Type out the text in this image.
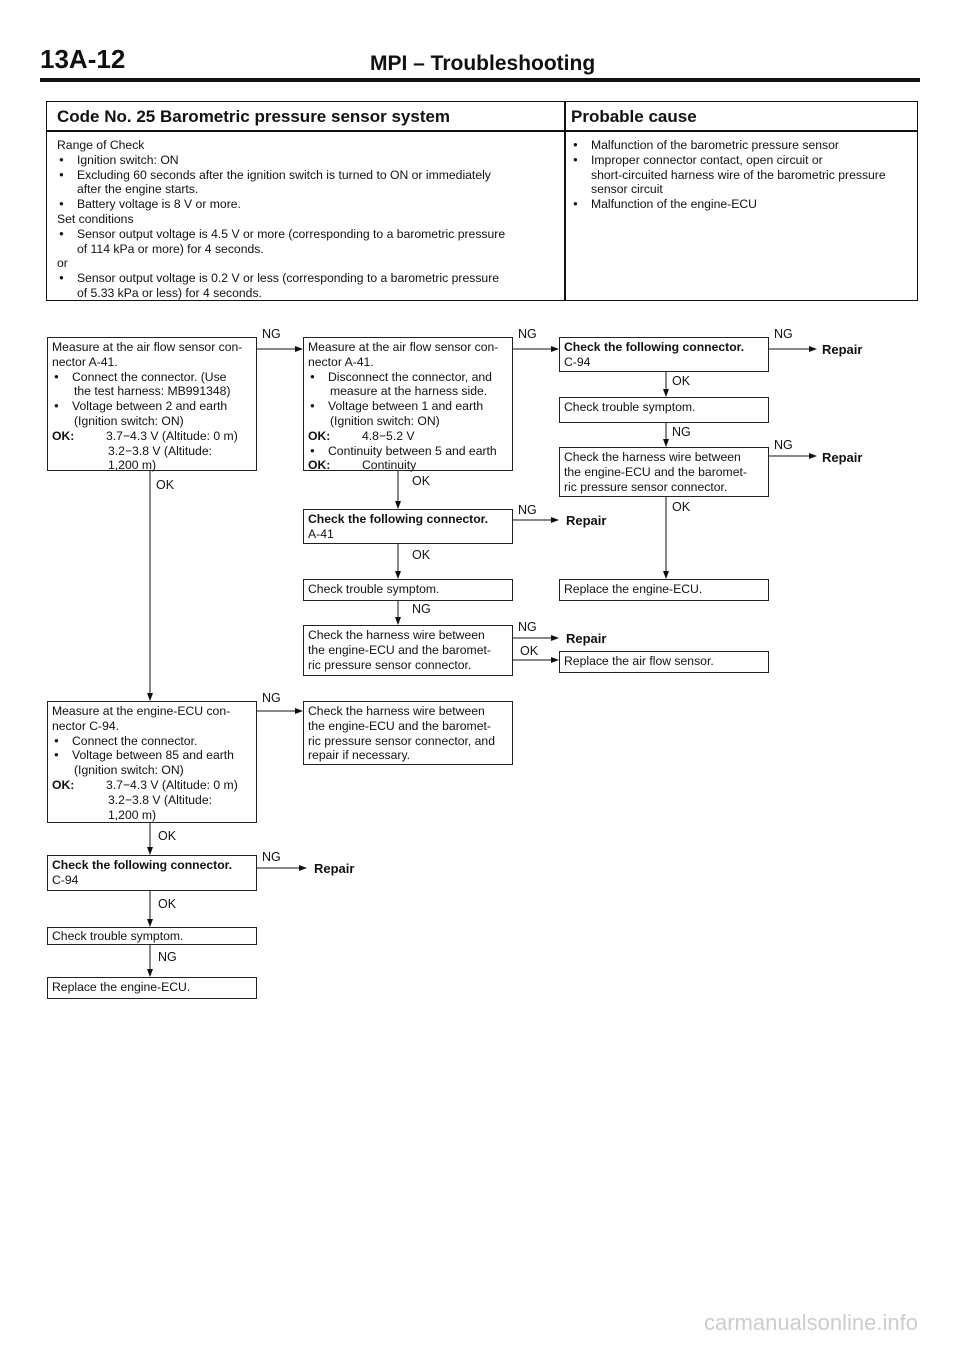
13A-12	MPI – Troubleshooting
Code No. 25 Barometric pressure sensor system	Probable cause
Range of Check
● Ignition switch: ON
● Excluding 60 seconds after the ignition switch is turned to ON or immediately
after the engine starts.
● Battery voltage is 8 V or more.
Set conditions
● Sensor output voltage is 4.5 V or more (corresponding to a barometric pressure
of 114 kPa or more) for 4 seconds.
or
● Sensor output voltage is 0.2 V or less (corresponding to a barometric pressure
of 5.33 kPa or less) for 4 seconds.
● Malfunction of the barometric pressure sensor
● Improper connector contact, open circuit or
short-circuited harness wire of the barometric pressure
sensor circuit
● Malfunction of the engine-ECU
Measure at the air flow sensor con-
nector A-41.
● Connect the connector. (Use
the test harness: MB991348)
● Voltage between 2 and earth
(Ignition switch: ON)
OK:	3.7−4.3 V (Altitude: 0 m)
3.2−3.8 V (Altitude:
1,200 m)
Measure at the air flow sensor con-
nector A-41.
● Disconnect the connector, and
measure at the harness side.
● Voltage between 1 and earth
(Ignition switch: ON)
OK:	4.8−5.2 V
● Continuity between 5 and earth
OK:	Continuity
Check the following connector.
C-94
Check trouble symptom.
Check the harness wire between
the engine-ECU and the baromet-
ric pressure sensor connector.
Check the following connector.
A-41
Check trouble symptom.
Check the harness wire between
the engine-ECU and the baromet-
ric pressure sensor connector.
Replace the engine-ECU.
Replace the air flow sensor.
Measure at the engine-ECU con-
nector C-94.
● Connect the connector.
● Voltage between 85 and earth
(Ignition switch: ON)
OK:	3.7−4.3 V (Altitude: 0 m)
3.2−3.8 V (Altitude:
1,200 m)
Check the harness wire between
the engine-ECU and the baromet-
ric pressure sensor connector, and
repair if necessary.
Check the following connector.
C-94
Check trouble symptom.
Replace the engine-ECU.
NG	NG	NG
Repair
OK
NG
NG
Repair
OK
OK	OK
NG
Repair
OK
NG
NG
Repair
OK
NG
OK
NG
Repair
OK
NG
carmanualsonline.info
